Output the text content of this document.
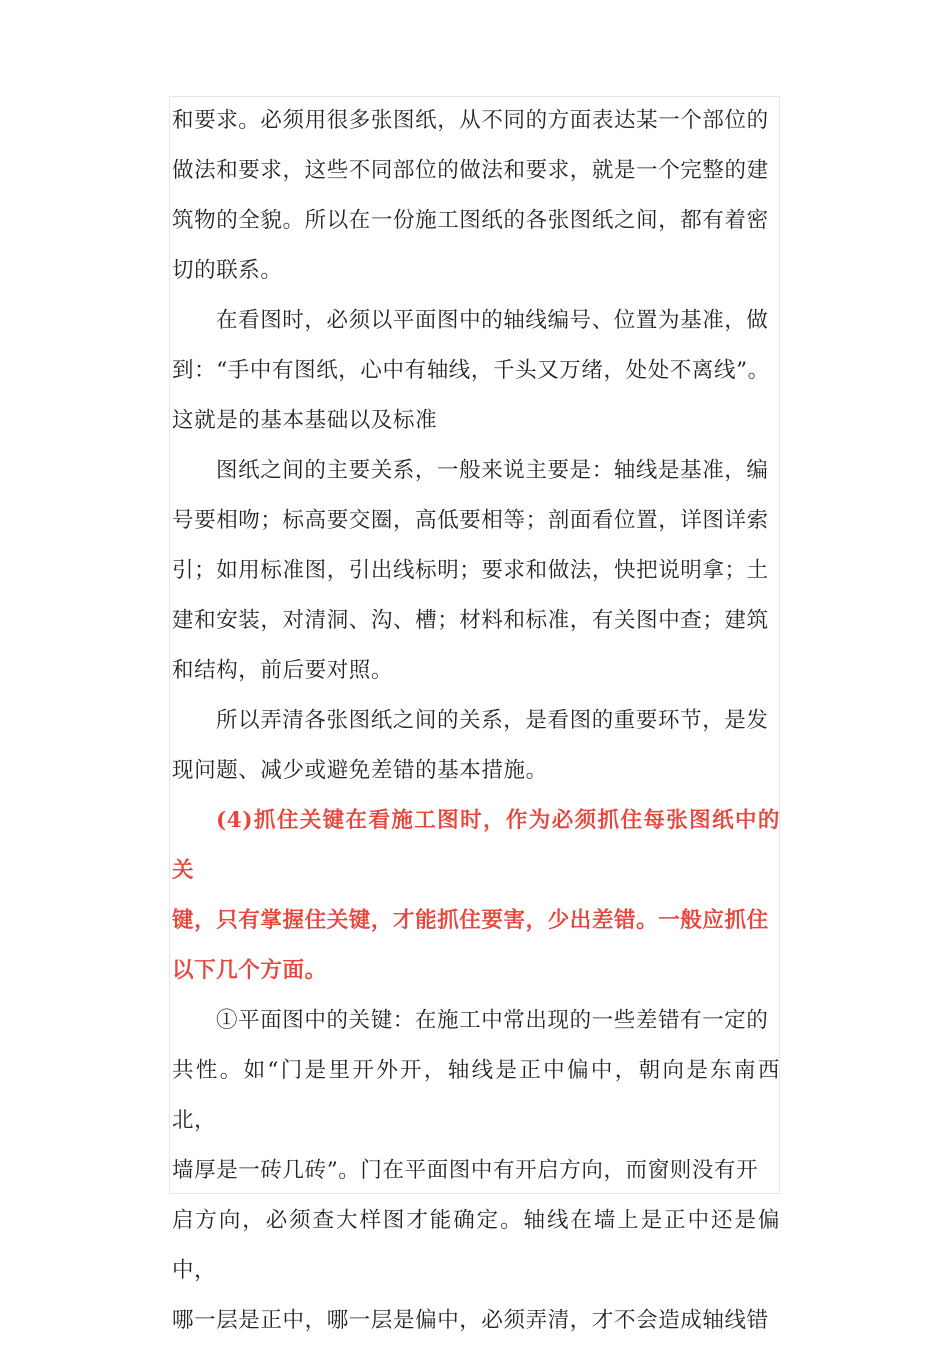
和要求。必须用很多张图纸，从不同的方面表达某一个部位的
做法和要求，这些不同部位的做法和要求，就是一个完整的建
筑物的全貌。所以在一份施工图纸的各张图纸之间，都有着密
切的联系。

在看图时，必须以平面图中的轴线编号、位置为基准，做
到：“手中有图纸，心中有轴线，千头又万绪，处处不离线”。
这就是的基本基础以及标准

图纸之间的主要关系，一般来说主要是：轴线是基准，编
号要相吻；标高要交圈，高低要相等；剖面看位置，详图详索
引；如用标准图，引出线标明；要求和做法，快把说明拿；土
建和安装，对清洞、沟、槽；材料和标准，有关图中查；建筑
和结构，前后要对照。

所以弄清各张图纸之间的关系，是看图的重要环节，是发
现问题、减少或避免差错的基本措施。

(4)抓住关键在看施工图时，作为必须抓住每张图纸中的关
键，只有掌握住关键，才能抓住要害，少出差错。一般应抓住
以下几个方面。

①平面图中的关键：在施工中常出现的一些差错有一定的
共性。如“门是里开外开，轴线是正中偏中，朝向是东南西北，
墙厚是一砖几砖”。门在平面图中有开启方向，而窗则没有开
启方向，必须查大样图才能确定。轴线在墙上是正中还是偏中，
哪一层是正中，哪一层是偏中，必须弄清，才不会造成轴线错
